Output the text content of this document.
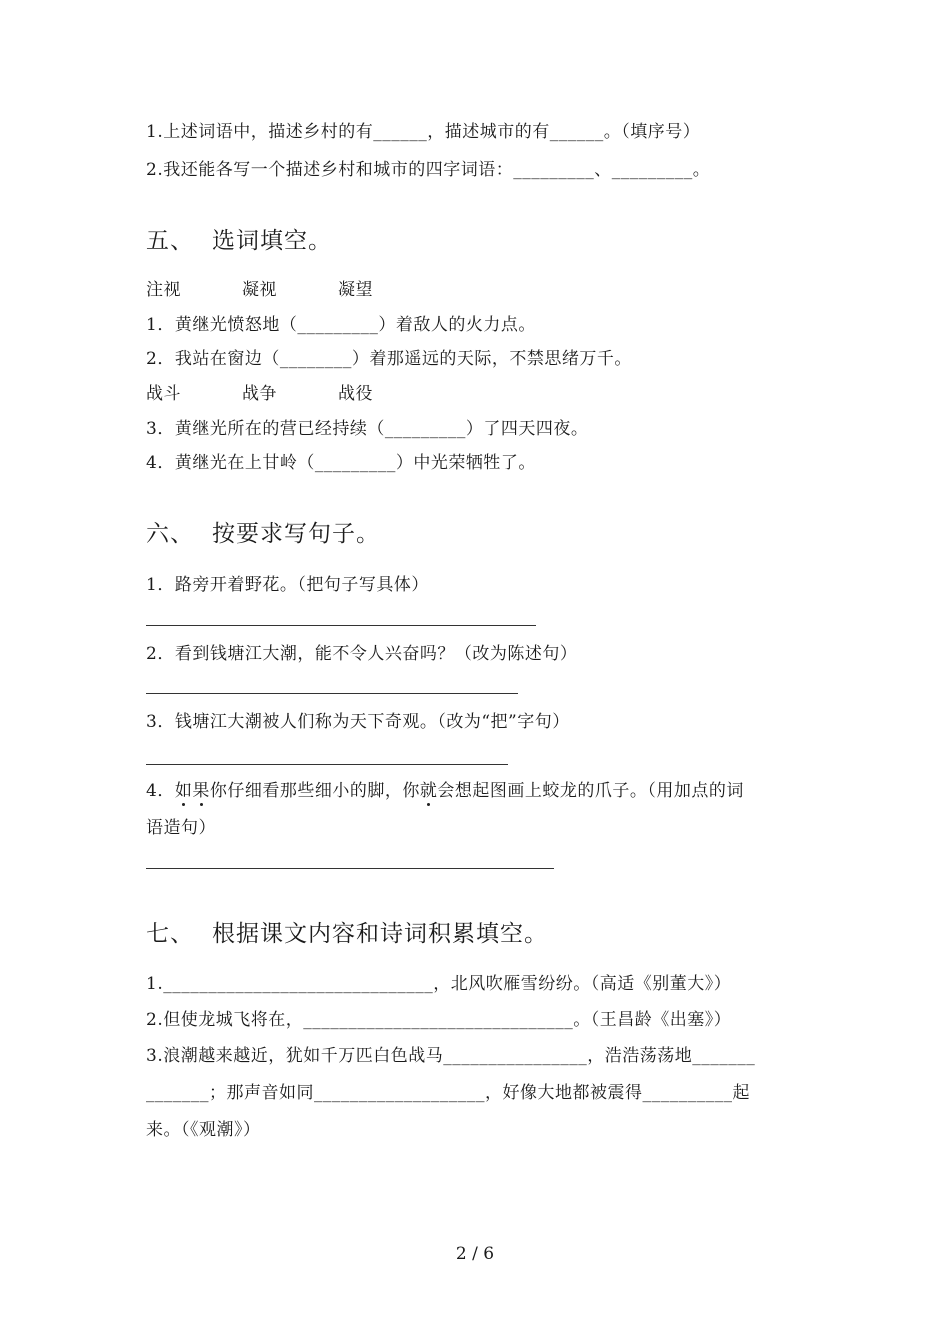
1.上述词语中，描述乡村的有______，描述城市的有______。（填序号）
2.我还能各写一个描述乡村和城市的四字词语：_________、_________。
五、 选词填空。
注视	凝视	凝望
1．黄继光愤怒地（_________）着敌人的火力点。
2．我站在窗边（________）着那遥远的天际，不禁思绪万千。
战斗	战争	战役
3．黄继光所在的营已经持续（_________）了四天四夜。
4．黄继光在上甘岭（_________）中光荣牺牲了。
六、 按要求写句子。
1．路旁开着野花。（把句子写具体）
2．看到钱塘江大潮，能不令人兴奋吗？（改为陈述句）
3．钱塘江大潮被人们称为天下奇观。（改为“把”字句）
4．如果你仔细看那些细小的脚，你就会想起图画上蛟龙的爪子。（用加点的词
语造句）
七、 根据课文内容和诗词积累填空。
1.______________________________，北风吹雁雪纷纷。（高适《别董大》）
2.但使龙城飞将在，______________________________。（王昌龄《出塞》）
3.浪潮越来越近，犹如千万匹白色战马________________，浩浩荡荡地_______
_______；那声音如同___________________，好像大地都被震得__________起
来。（《观潮》）
2 / 6
